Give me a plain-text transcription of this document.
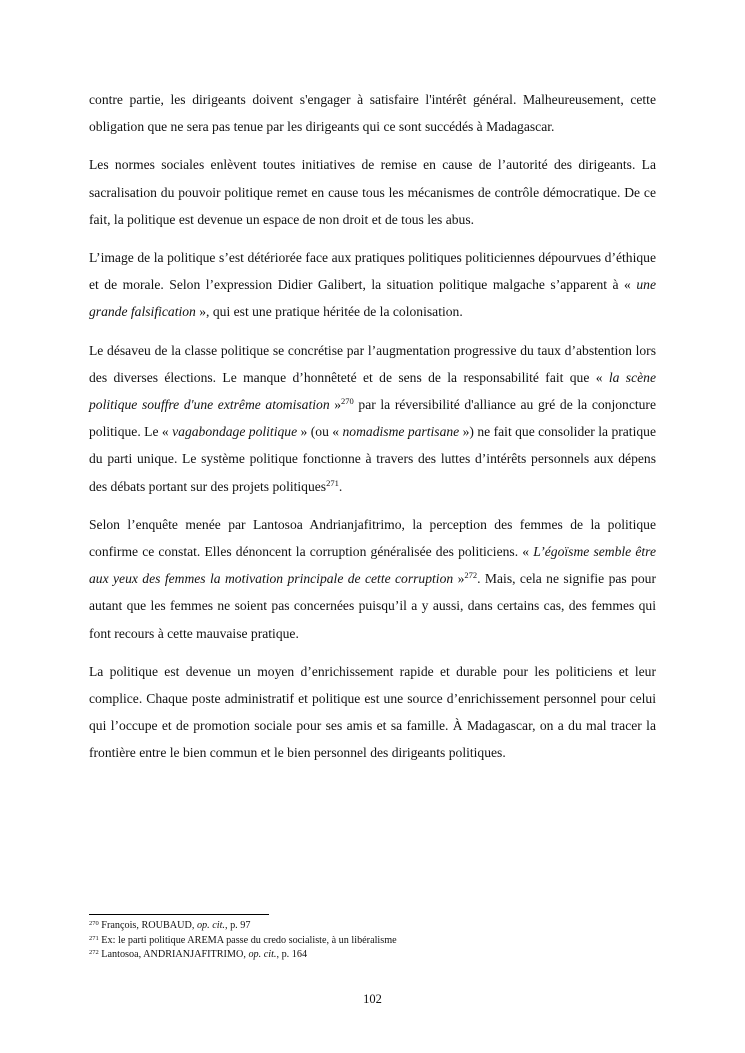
contre partie, les dirigeants doivent s'engager à satisfaire l'intérêt général. Malheureusement, cette obligation que ne sera pas tenue par les dirigeants qui ce sont succédés à Madagascar.

Les normes sociales enlèvent toutes initiatives de remise en cause de l’autorité des dirigeants. La sacralisation du pouvoir politique remet en cause tous les mécanismes de contrôle démocratique. De ce fait, la politique est devenue un espace de non droit et de tous les abus.

L’image de la politique s’est détériorée face aux pratiques politiques politiciennes dépourvues d’éthique et de morale. Selon l’expression Didier Galibert, la situation politique malgache s’apparent à « une grande falsification », qui est une pratique héritée de la colonisation.

Le désaveu de la classe politique se concrétise par l’augmentation progressive du taux d’abstention lors des diverses élections. Le manque d’honnêteté et de sens de la responsabilité fait que « la scène politique souffre d'une extrême atomisation »$^{270}$ par la réversibilité d'alliance au gré de la conjoncture politique. Le « vagabondage politique » (ou « nomadisme partisane ») ne fait que consolider la pratique du parti unique. Le système politique fonctionne à travers des luttes d’intérêts personnels aux dépens des débats portant sur des projets politiques$^{271}$.

Selon l’enquête menée par Lantosoa Andrianjafitrimo, la perception des femmes de la politique confirme ce constat. Elles dénoncent la corruption généralisée des politiciens. « L’égoïsme semble être aux yeux des femmes la motivation principale de cette corruption »$^{272}$. Mais, cela ne signifie pas pour autant que les femmes ne soient pas concernées puisqu’il a y aussi, dans certains cas, des femmes qui font recours à cette mauvaise pratique.

La politique est devenue un moyen d’enrichissement rapide et durable pour les politiciens et leur complice. Chaque poste administratif et politique est une source d’enrichissement personnel pour celui qui l’occupe et de promotion sociale pour ses amis et sa famille. À Madagascar, on a du mal tracer la frontière entre le bien commun et le bien personnel des dirigeants politiques.

$^{270}$ François, ROUBAUD, op. cit., p. 97

$^{271}$ Ex: le parti politique AREMA passe du credo socialiste, à un libéralisme

$^{272}$ Lantosoa, ANDRIANJAFITRIMO, op. cit., p. 164

102
